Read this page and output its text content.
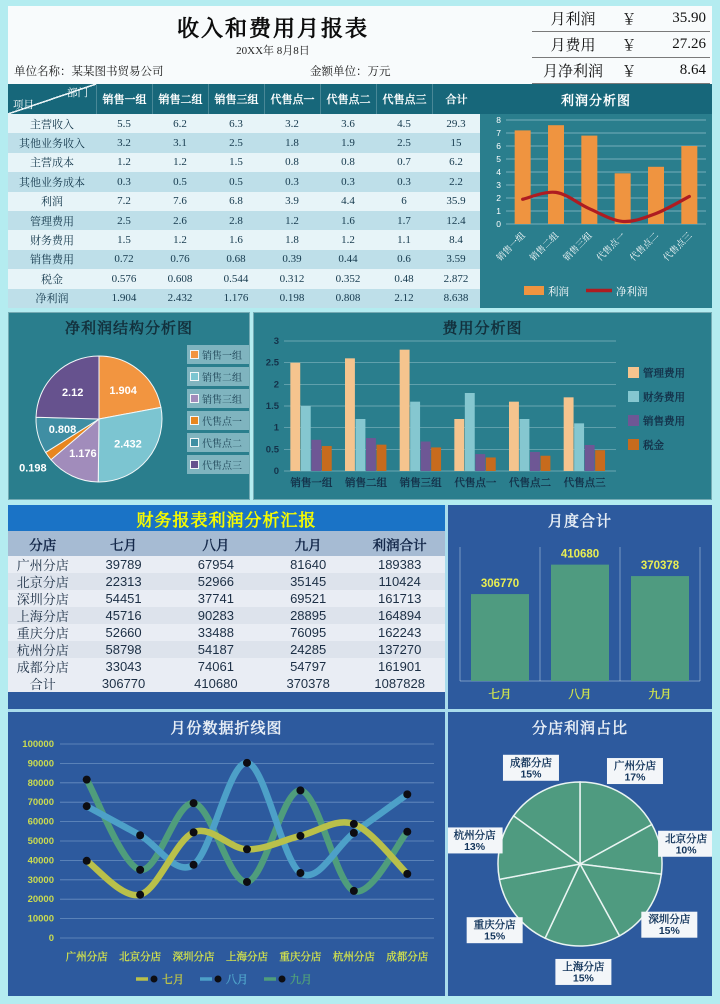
收入和费用月报表
20XX年 8月8日
单位名称：某某图书贸易公司	金额单位：万元
月利润	￥	35.90
月费用	￥	27.26
月净利润	￥	8.64
部门
项目	销售一组	销售二组	销售三组	代售点一	代售点二	代售点三	合计
主营收入	5.5	6.2	6.3	3.2	3.6	4.5	29.3
其他业务收入	3.2	3.1	2.5	1.8	1.9	2.5	15
主营成本	1.2	1.2	1.5	0.8	0.8	0.7	6.2
其他业务成本	0.3	0.5	0.5	0.3	0.3	0.3	2.2
利润	7.2	7.6	6.8	3.9	4.4	6	35.9
管理费用	2.5	2.6	2.8	1.2	1.6	1.7	12.4
财务费用	1.5	1.2	1.6	1.8	1.2	1.1	8.4
销售费用	0.72	0.76	0.68	0.39	0.44	0.6	3.59
税金	0.576	0.608	0.544	0.312	0.352	0.48	2.872
净利润	1.904	2.432	1.176	0.198	0.808	2.12	8.638
利润分析图
0
1
2
3
4
5
6
7
8
销售一组 销售二组 销售三组 代售点一 代售点二 代售点三
利润	净利润
净利润结构分析图
1.904
2.432
1.176
0.198
0.808
2.12
销售一组
销售二组
销售三组
代售点一
代售点二
代售点三
费用分析图
0
0.5
1
1.5
2
2.5
3
销售一组 销售二组 销售三组 代售点一 代售点二 代售点三
管理费用
财务费用
销售费用
税金
财务报表利润分析汇报
分店	七月	八月	九月	利润合计
广州分店	39789	67954	81640	189383
北京分店	22313	52966	35145	110424
深圳分店	54451	37741	69521	161713
上海分店	45716	90283	28895	164894
重庆分店	52660	33488	76095	162243
杭州分店	58798	54187	24285	137270
成都分店	33043	74061	54797	161901
合计	306770	410680	370378	1087828
月度合计
306770
七月
410680
八月
370378
九月
月份数据折线图
0
10000
20000
30000
40000
50000
60000
70000
80000
90000
100000
广州分店 北京分店 深圳分店 上海分店 重庆分店 杭州分店 成都分店
七月	八月	九月
分店利润占比
广州分店
17%
北京分店
10%
深圳分店
15%
上海分店
15%
重庆分店
15%
杭州分店
13%
成都分店
15%
